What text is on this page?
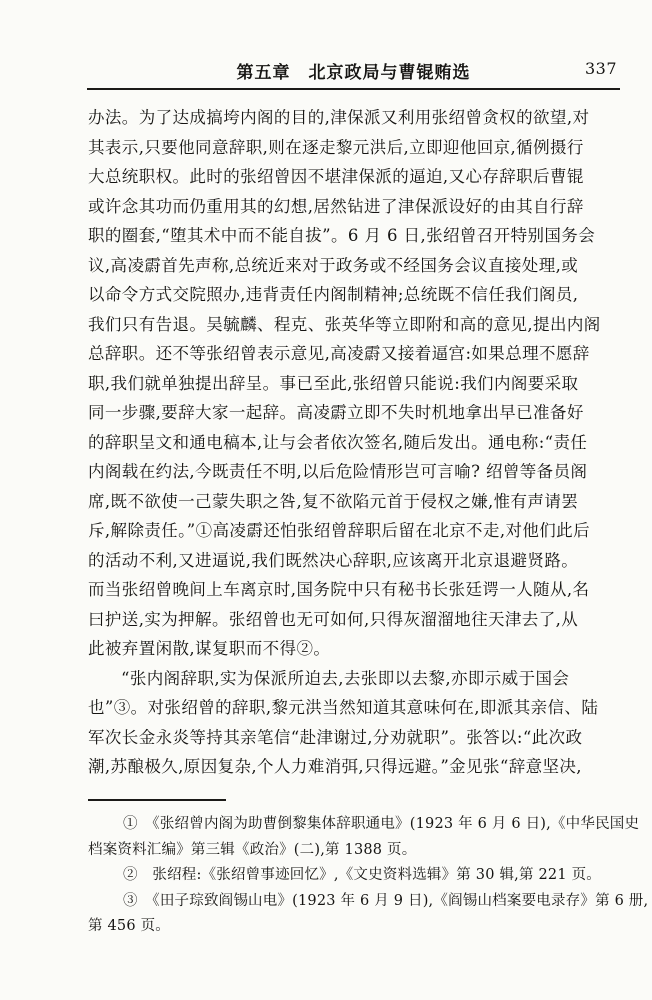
第五章　北京政局与曹锟贿选	337
办法。为了达成搞垮内阁的目的,津保派又利用张绍曾贪权的欲望,对
其表示,只要他同意辞职,则在逐走黎元洪后,立即迎他回京,循例摄行
大总统职权。此时的张绍曾因不堪津保派的逼迫,又心存辞职后曹锟
或许念其功而仍重用其的幻想,居然钻进了津保派设好的由其自行辞
职的圈套,“堕其术中而不能自拔”。6 月 6 日,张绍曾召开特别国务会
议,高凌霨首先声称,总统近来对于政务或不经国务会议直接处理,或
以命令方式交院照办,违背责任内阁制精神;总统既不信任我们阁员,
我们只有告退。吴毓麟、程克、张英华等立即附和高的意见,提出内阁
总辞职。还不等张绍曾表示意见,高凌霨又接着逼宫:如果总理不愿辞
职,我们就单独提出辞呈。事已至此,张绍曾只能说:我们内阁要采取
同一步骤,要辞大家一起辞。高凌霨立即不失时机地拿出早已准备好
的辞职呈文和通电稿本,让与会者依次签名,随后发出。通电称:“责任
内阁载在约法,今既责任不明,以后危险情形岂可言喻? 绍曾等备员阁
席,既不欲使一己蒙失职之咎,复不欲陷元首于侵权之嫌,惟有声请罢
斥,解除责任。”①高凌霨还怕张绍曾辞职后留在北京不走,对他们此后
的活动不利,又进逼说,我们既然决心辞职,应该离开北京退避贤路。
而当张绍曾晚间上车离京时,国务院中只有秘书长张廷谔一人随从,名
曰护送,实为押解。张绍曾也无可如何,只得灰溜溜地往天津去了,从
此被弃置闲散,谋复职而不得②。
“张内阁辞职,实为保派所迫去,去张即以去黎,亦即示威于国会
也”③。对张绍曾的辞职,黎元洪当然知道其意味何在,即派其亲信、陆
军次长金永炎等持其亲笔信“赴津谢过,分劝就职”。张答以:“此次政
潮,苏酿极久,原因复杂,个人力难消弭,只得远避。”金见张“辞意坚决,
①　《张绍曾内阁为助曹倒黎集体辞职通电》(1923 年 6 月 6 日),《中华民国史
档案资料汇编》第三辑《政治》(二),第 1388 页。
②　张绍程:《张绍曾事迹回忆》,《文史资料选辑》第 30 辑,第 221 页。
③　《田子琮致阎锡山电》(1923 年 6 月 9 日),《阎锡山档案要电录存》第 6 册,
第 456 页。
